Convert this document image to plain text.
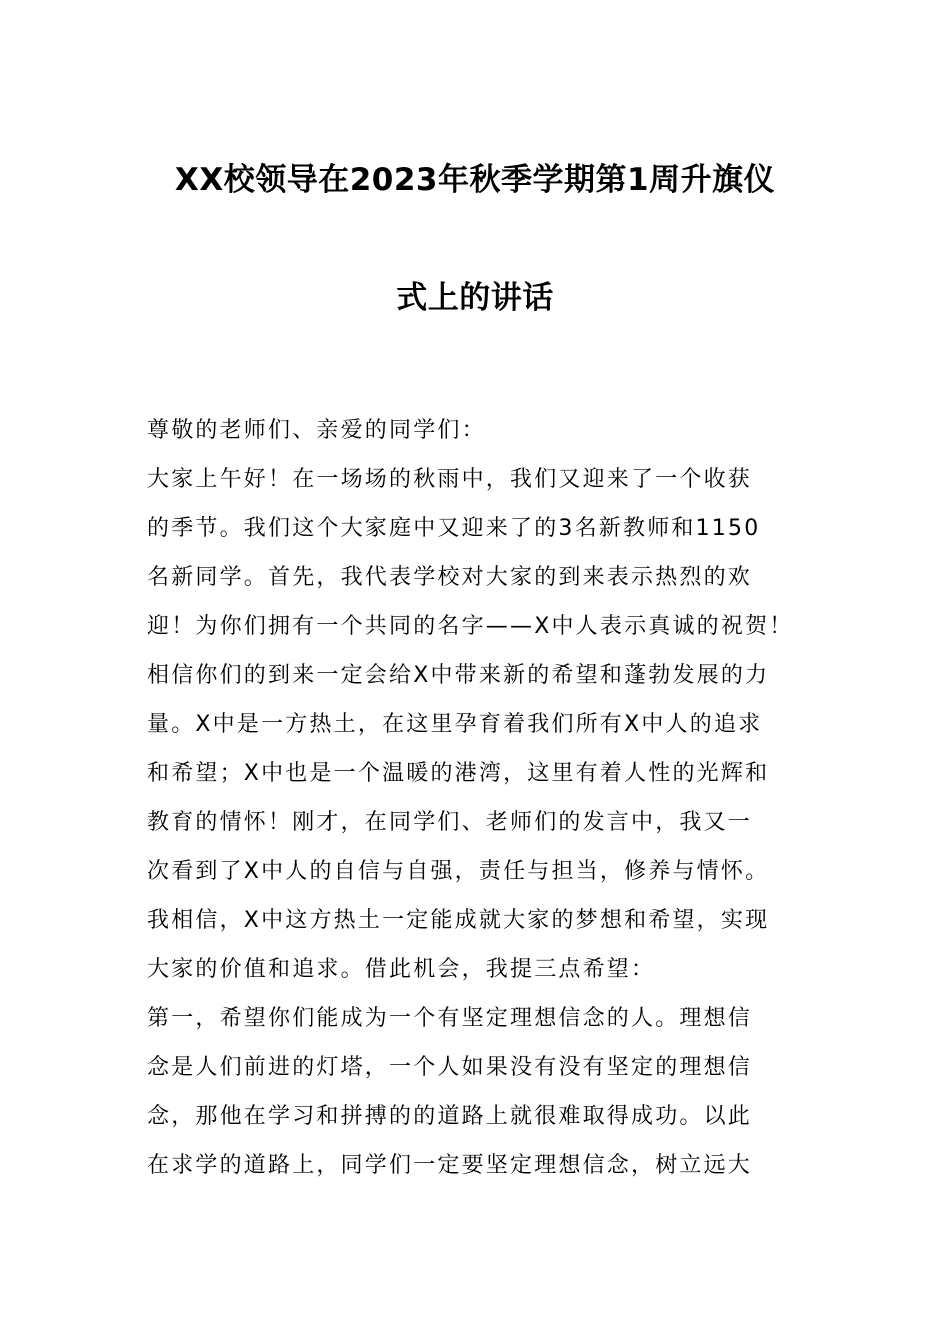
XX校领导在2023年秋季学期第1周升旗仪
式上的讲话
尊敬的老师们、亲爱的同学们：
大家上午好！在一场场的秋雨中，我们又迎来了一个收获
的季节。我们这个大家庭中又迎来了的3名新教师和1150
名新同学。首先，我代表学校对大家的到来表示热烈的欢
迎！为你们拥有一个共同的名字——X中人表示真诚的祝贺！
相信你们的到来一定会给X中带来新的希望和蓬勃发展的力
量。X中是一方热土，在这里孕育着我们所有X中人的追求
和希望；X中也是一个温暖的港湾，这里有着人性的光辉和
教育的情怀！刚才，在同学们、老师们的发言中，我又一
次看到了X中人的自信与自强，责任与担当，修养与情怀。
我相信，X中这方热土一定能成就大家的梦想和希望，实现
大家的价值和追求。借此机会，我提三点希望：
第一，希望你们能成为一个有坚定理想信念的人。理想信
念是人们前进的灯塔，一个人如果没有没有坚定的理想信
念，那他在学习和拼搏的的道路上就很难取得成功。以此
在求学的道路上，同学们一定要坚定理想信念，树立远大
